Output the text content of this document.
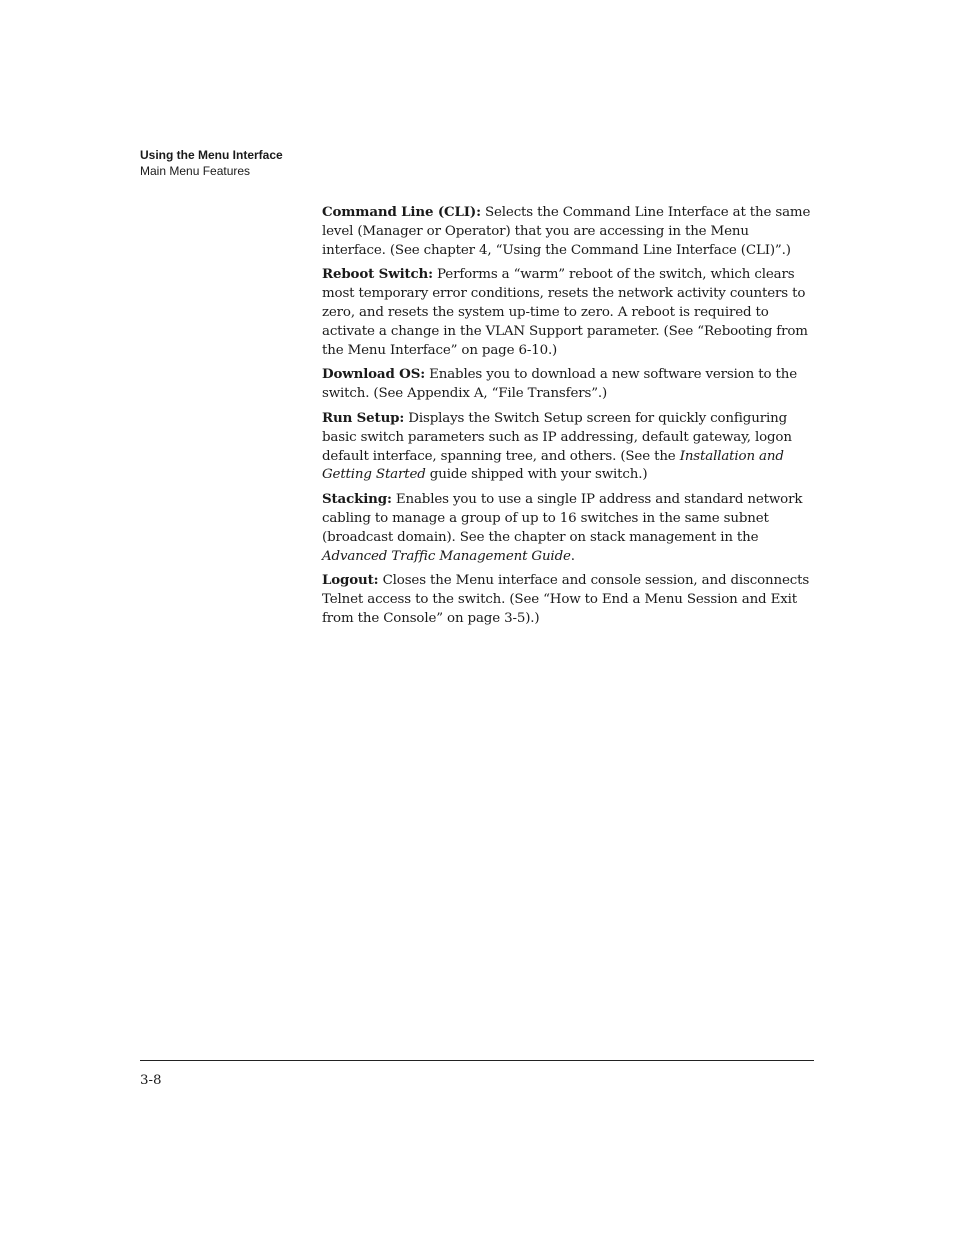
Using the Menu Interface
Main Menu Features

Command Line (CLI): Selects the Command Line Interface at the same level (Manager or Operator) that you are accessing in the Menu interface. (See chapter 4, “Using the Command Line Interface (CLI)”.)

Reboot Switch: Performs a “warm” reboot of the switch, which clears most temporary error conditions, resets the network activity counters to zero, and resets the system up-time to zero. A reboot is required to activate a change in the VLAN Support parameter. (See “Rebooting from the Menu Interface” on page 6-10.)

Download OS: Enables you to download a new software version to the switch. (See Appendix A, “File Transfers”.)

Run Setup: Displays the Switch Setup screen for quickly configuring basic switch parameters such as IP addressing, default gateway, logon default interface, spanning tree, and others. (See the Installation and Getting Started guide shipped with your switch.)

Stacking: Enables you to use a single IP address and standard network cabling to manage a group of up to 16 switches in the same subnet (broadcast domain). See the chapter on stack management in the Advanced Traffic Management Guide.

Logout: Closes the Menu interface and console session, and disconnects Telnet access to the switch. (See “How to End a Menu Session and Exit from the Console” on page 3-5).)

3-8
